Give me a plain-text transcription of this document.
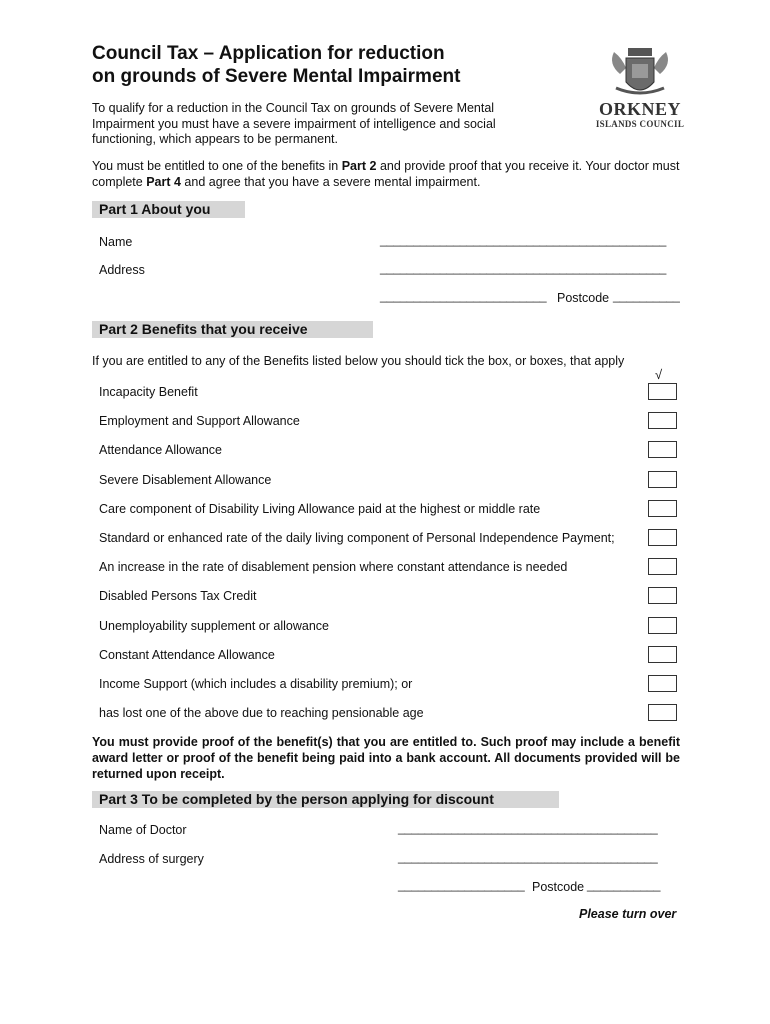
Council Tax – Application for reduction
on grounds of Severe Mental Impairment
ORKNEY
ISLANDS COUNCIL
To qualify for a reduction in the Council Tax on grounds of Severe Mental Impairment you must have a severe impairment of intelligence and social functioning, which appears to be permanent.
You must be entitled to one of the benefits in Part 2 and provide proof that you receive it. Your doctor must complete Part 4 and agree that you have a severe mental impairment.
Part 1 About you
Name	___________________________________________
Address	___________________________________________
_________________________ Postcode __________
Part 2 Benefits that you receive
If you are entitled to any of the Benefits listed below you should tick the box, or boxes, that apply
√
Incapacity Benefit
Employment and Support Allowance
Attendance Allowance
Severe Disablement Allowance
Care component of Disability Living Allowance paid at the highest or middle rate
Standard or enhanced rate of the daily living component of Personal Independence Payment;
An increase in the rate of disablement pension where constant attendance is needed
Disabled Persons Tax Credit
Unemployability supplement or allowance
Constant Attendance Allowance
Income Support (which includes a disability premium); or
has lost one of the above due to reaching pensionable age
You must provide proof of the benefit(s) that you are entitled to. Such proof may include a benefit award letter or proof of the benefit being paid into a bank account. All documents provided will be returned upon receipt.
Part 3 To be completed by the person applying for discount
Name of Doctor	_______________________________________
Address of surgery	_______________________________________
___________________ Postcode ___________
Please turn over
